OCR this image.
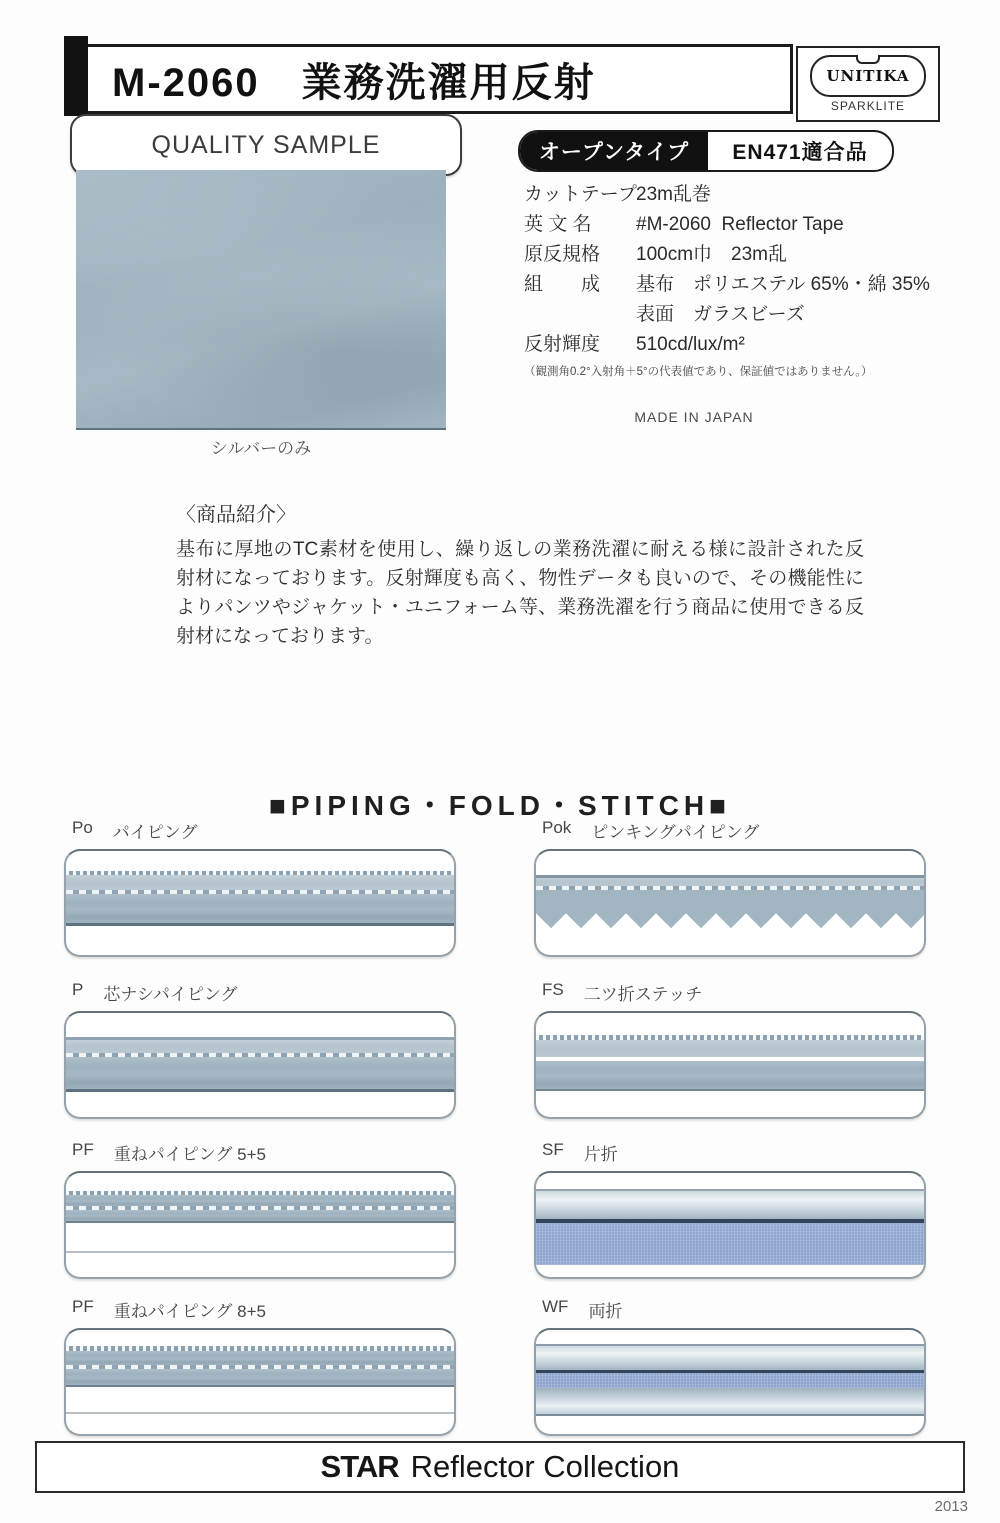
M-2060　業務洗濯用反射	UNITIKA
SPARKLITE
QUALITY SAMPLE
シルバーのみ
オープンタイプ	EN471適合品
カットテープ 23m乱巻
英 文 名	#M-2060  Reflector Tape
原反規格	100cm巾　23m乱
組　　成	基布　ポリエステル 65%・綿 35%
表面　ガラスビーズ
反射輝度	510cd/lux/m²
（観測角0.2°入射角＋5°の代表値であり、保証値ではありません。）
MADE IN JAPAN
〈商品紹介〉
基布に厚地のTC素材を使用し、繰り返しの業務洗濯に耐える様に設計された反射材になっております。反射輝度も高く、物性データも良いので、その機能性によりパンツやジャケット・ユニフォーム等、業務洗濯を行う商品に使用できる反射材になっております。
■PIPING・FOLD・STITCH■
Po パイピング	Pok ピンキングパイピング
P 芯ナシパイピング	FS 二ツ折ステッチ
PF 重ねパイピング 5+5	SF 片折
PF 重ねパイピング 8+5	WF 両折
STAR Reflector Collection
2013
